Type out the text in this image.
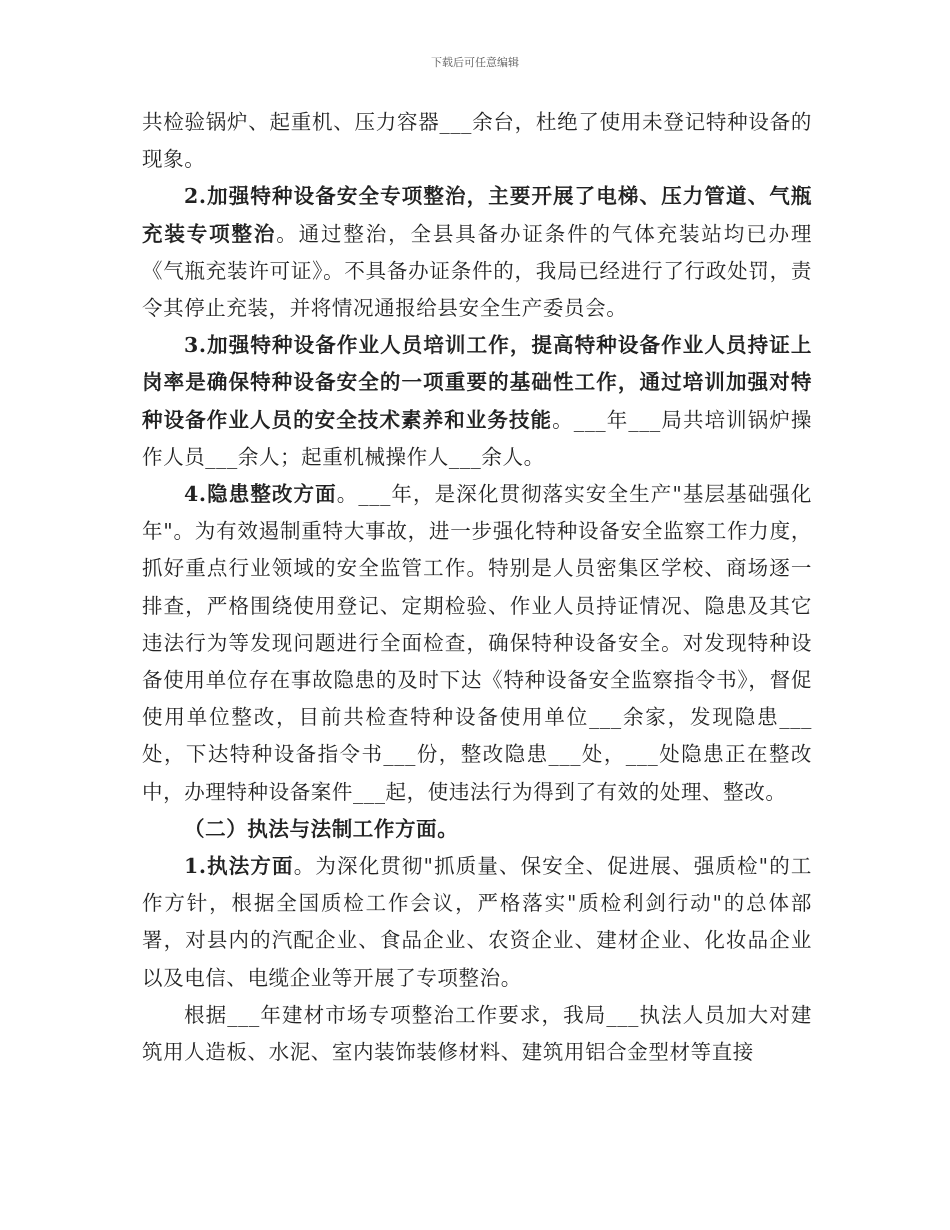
下载后可任意编辑

共检验锅炉、起重机、压力容器___余台，杜绝了使用未登记特种设备的现象。

2.加强特种设备安全专项整治，主要开展了电梯、压力管道、气瓶充装专项整治。通过整治，全县具备办证条件的气体充装站均已办理《气瓶充装许可证》。不具备办证条件的，我局已经进行了行政处罚，责令其停止充装，并将情况通报给县安全生产委员会。

3.加强特种设备作业人员培训工作，提高特种设备作业人员持证上岗率是确保特种设备安全的一项重要的基础性工作，通过培训加强对特种设备作业人员的安全技术素养和业务技能。___年___局共培训锅炉操作人员___余人；起重机械操作人___余人。

4.隐患整改方面。___年，是深化贯彻落实安全生产"基层基础强化年"。为有效遏制重特大事故，进一步强化特种设备安全监察工作力度，抓好重点行业领域的安全监管工作。特别是人员密集区学校、商场逐一排查，严格围绕使用登记、定期检验、作业人员持证情况、隐患及其它违法行为等发现问题进行全面检查，确保特种设备安全。对发现特种设备使用单位存在事故隐患的及时下达《特种设备安全监察指令书》，督促使用单位整改，目前共检查特种设备使用单位___余家，发现隐患___处，下达特种设备指令书___份，整改隐患___处，___处隐患正在整改中，办理特种设备案件___起，使违法行为得到了有效的处理、整改。

（二）执法与法制工作方面。

1.执法方面。为深化贯彻"抓质量、保安全、促进展、强质检"的工作方针，根据全国质检工作会议，严格落实"质检利剑行动"的总体部署，对县内的汽配企业、食品企业、农资企业、建材企业、化妆品企业以及电信、电缆企业等开展了专项整治。

根据___年建材市场专项整治工作要求，我局___执法人员加大对建筑用人造板、水泥、室内装饰装修材料、建筑用铝合金型材等直接
